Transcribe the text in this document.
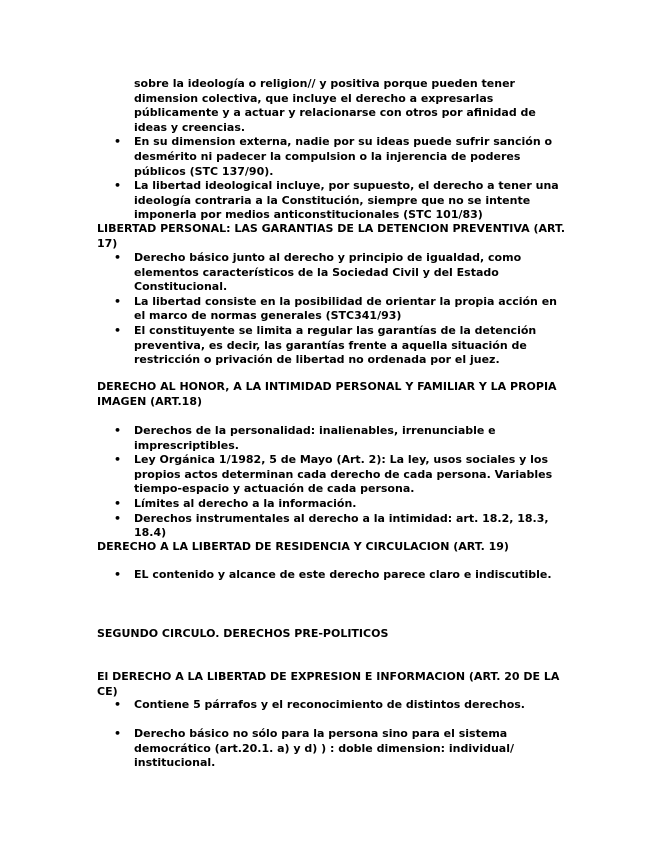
sobre la ideología o religion// y positiva porque pueden tener dimension colectiva, que incluye el derecho a expresarlas públicamente y a actuar y relacionarse con otros por afinidad de ideas y creencias.
• En su dimension externa, nadie por su ideas puede sufrir sanción o desmérito ni padecer la compulsion o la injerencia de poderes públicos (STC 137/90).
• La libertad ideological incluye, por supuesto, el derecho a tener una ideología contraria a la Constitución, siempre que no se intente imponerla por medios anticonstitucionales (STC 101/83)
LIBERTAD PERSONAL: LAS GARANTIAS DE LA DETENCION PREVENTIVA (ART. 17)
• Derecho básico junto al derecho y principio de igualdad, como elementos característicos de la Sociedad Civil y del Estado Constitucional.
• La libertad consiste en la posibilidad de orientar la propia acción en el marco de normas generales (STC341/93)
• El constituyente se limita a regular las garantías de la detención preventiva, es decir, las garantías frente a aquella situación de restricción o privación de libertad no ordenada por el juez.
DERECHO AL HONOR, A LA INTIMIDAD PERSONAL Y FAMILIAR Y LA PROPIA IMAGEN (ART.18)
• Derechos de la personalidad: inalienables, irrenunciable e imprescriptibles.
• Ley Orgánica 1/1982, 5 de Mayo (Art. 2): La ley, usos sociales y los propios actos determinan cada derecho de cada persona. Variables tiempo-espacio y actuación de cada persona.
• Límites al derecho a la información.
• Derechos instrumentales al derecho a la intimidad: art. 18.2, 18.3, 18.4)
DERECHO A LA LIBERTAD DE RESIDENCIA Y CIRCULACION (ART. 19)
• EL contenido y alcance de este derecho parece claro e indiscutible.
SEGUNDO CIRCULO. DERECHOS PRE-POLITICOS
El DERECHO A LA LIBERTAD DE EXPRESION E INFORMACION (ART. 20 DE LA CE)
• Contiene 5 párrafos y el reconocimiento de distintos derechos.
• Derecho básico no sólo para la persona sino para el sistema democrático (art.20.1. a) y d) ) : doble dimension: individual/ institucional.
